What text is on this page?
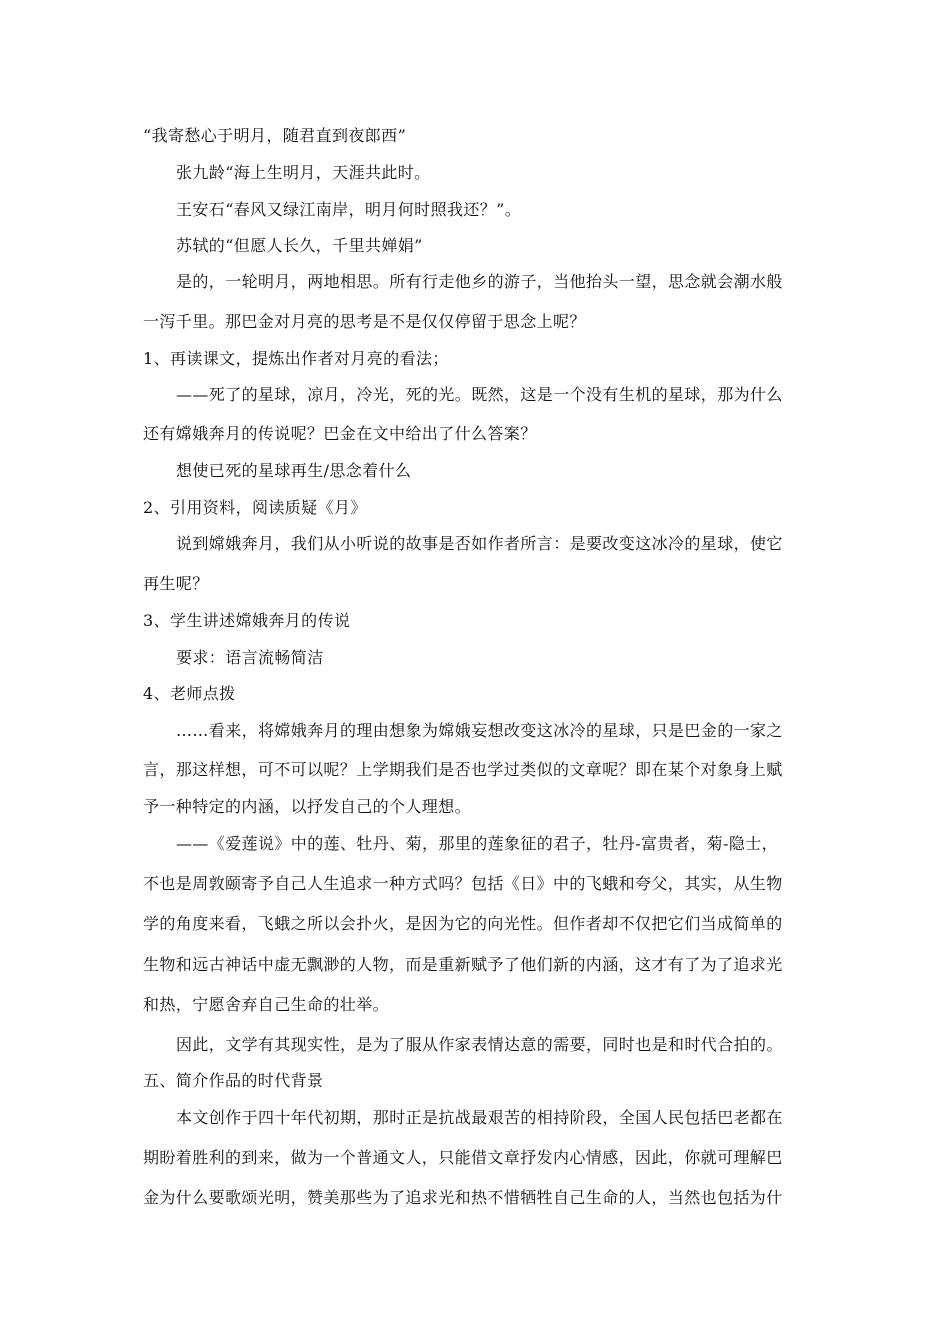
“我寄愁心于明月，随君直到夜郎西”
张九龄“海上生明月，天涯共此时。
王安石“春风又绿江南岸，明月何时照我还？”。
苏轼的“但愿人长久，千里共婵娟”
是的，一轮明月，两地相思。所有行走他乡的游子，当他抬头一望，思念就会潮水般
一泻千里。那巴金对月亮的思考是不是仅仅停留于思念上呢？
1、再读课文，提炼出作者对月亮的看法；
——死了的星球，凉月，冷光，死的光。既然，这是一个没有生机的星球，那为什么
还有嫦娥奔月的传说呢？巴金在文中给出了什么答案？
想使已死的星球再生/思念着什么
2、引用资料，阅读质疑《月》
说到嫦娥奔月，我们从小听说的故事是否如作者所言：是要改变这冰冷的星球，使它
再生呢？
3、学生讲述嫦娥奔月的传说
要求：语言流畅简洁
4、老师点拨
……看来，将嫦娥奔月的理由想象为嫦娥妄想改变这冰冷的星球，只是巴金的一家之
言，那这样想，可不可以呢？上学期我们是否也学过类似的文章呢？即在某个对象身上赋
予一种特定的内涵，以抒发自己的个人理想。
——《爱莲说》中的莲、牡丹、菊，那里的莲象征的君子，牡丹-富贵者，菊-隐士，
不也是周敦颐寄予自己人生追求一种方式吗？包括《日》中的飞蛾和夸父，其实，从生物
学的角度来看，飞蛾之所以会扑火，是因为它的向光性。但作者却不仅把它们当成简单的
生物和远古神话中虚无飘渺的人物，而是重新赋予了他们新的内涵，这才有了为了追求光
和热，宁愿舍弃自己生命的壮举。
因此，文学有其现实性，是为了服从作家表情达意的需要，同时也是和时代合拍的。
五、简介作品的时代背景
本文创作于四十年代初期，那时正是抗战最艰苦的相持阶段，全国人民包括巴老都在
期盼着胜利的到来，做为一个普通文人，只能借文章抒发内心情感，因此，你就可理解巴
金为什么要歌颂光明，赞美那些为了追求光和热不惜牺牲自己生命的人，当然也包括为什
